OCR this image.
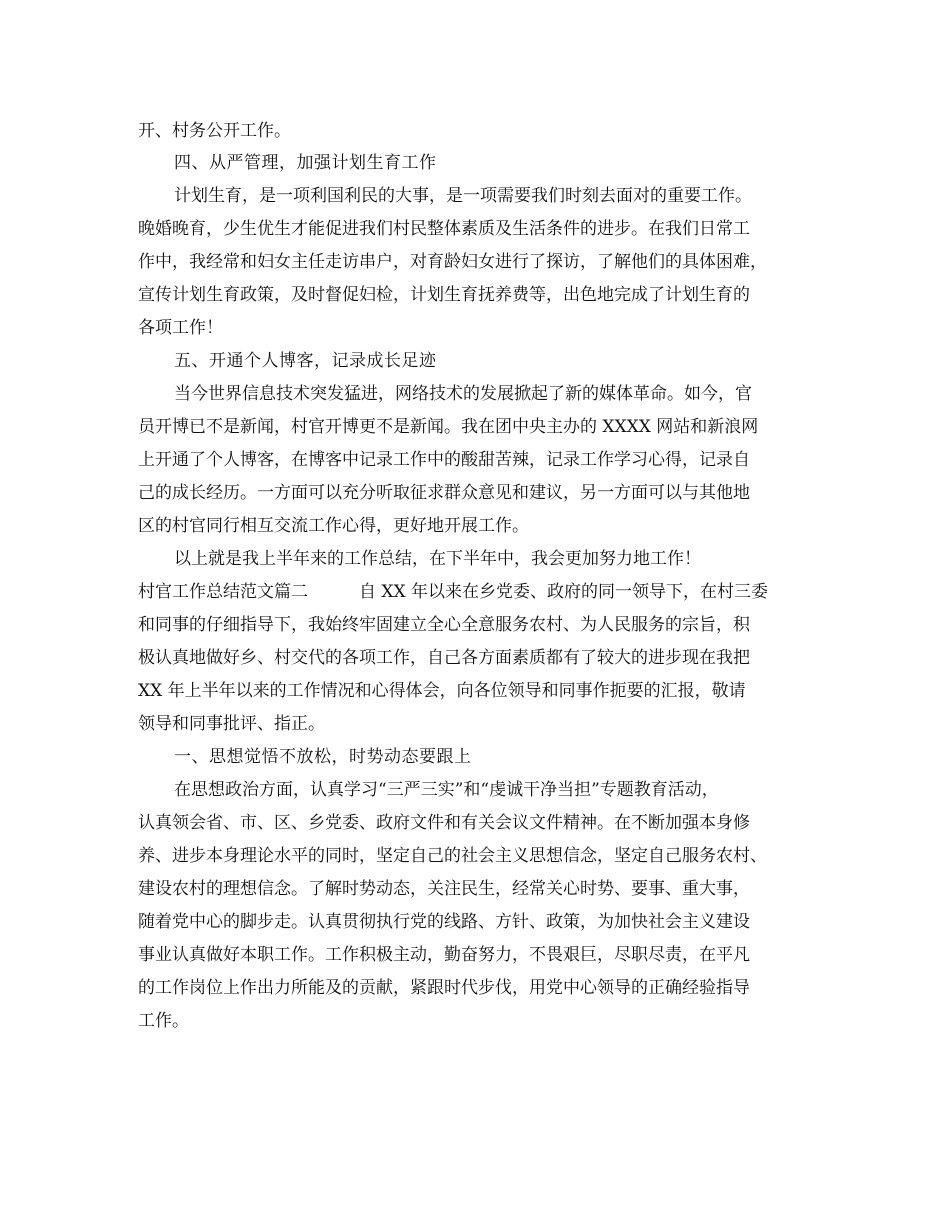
开、村务公开工作。
四、从严管理，加强计划生育工作
计划生育，是一项利国利民的大事，是一项需要我们时刻去面对的重要工作。
晚婚晚育，少生优生才能促进我们村民整体素质及生活条件的进步。在我们日常工
作中，我经常和妇女主任走访串户，对育龄妇女进行了探访，了解他们的具体困难，
宣传计划生育政策，及时督促妇检，计划生育抚养费等，出色地完成了计划生育的
各项工作！
五、开通个人博客，记录成长足迹
当今世界信息技术突发猛进，网络技术的发展掀起了新的媒体革命。如今，官
员开博已不是新闻，村官开博更不是新闻。我在团中央主办的 XXXX 网站和新浪网
上开通了个人博客，在博客中记录工作中的酸甜苦辣，记录工作学习心得，记录自
己的成长经历。一方面可以充分听取征求群众意见和建议，另一方面可以与其他地
区的村官同行相互交流工作心得，更好地开展工作。
以上就是我上半年来的工作总结，在下半年中，我会更加努力地工作！
村官工作总结范文篇二　　　自 XX 年以来在乡党委、政府的同一领导下，在村三委
和同事的仔细指导下，我始终牢固建立全心全意服务农村、为人民服务的宗旨，积
极认真地做好乡、村交代的各项工作，自己各方面素质都有了较大的进步现在我把
XX 年上半年以来的工作情况和心得体会，向各位领导和同事作扼要的汇报，敬请
领导和同事批评、指正。
一、思想觉悟不放松，时势动态要跟上
在思想政治方面，认真学习“三严三实”和“虔诚干净当担”专题教育活动，
认真领会省、市、区、乡党委、政府文件和有关会议文件精神。在不断加强本身修
养、进步本身理论水平的同时，坚定自己的社会主义思想信念，坚定自己服务农村、
建设农村的理想信念。了解时势动态，关注民生，经常关心时势、要事、重大事，
随着党中心的脚步走。认真贯彻执行党的线路、方针、政策，为加快社会主义建设
事业认真做好本职工作。工作积极主动，勤奋努力，不畏艰巨，尽职尽责，在平凡
的工作岗位上作出力所能及的贡献，紧跟时代步伐，用党中心领导的正确经验指导
工作。
